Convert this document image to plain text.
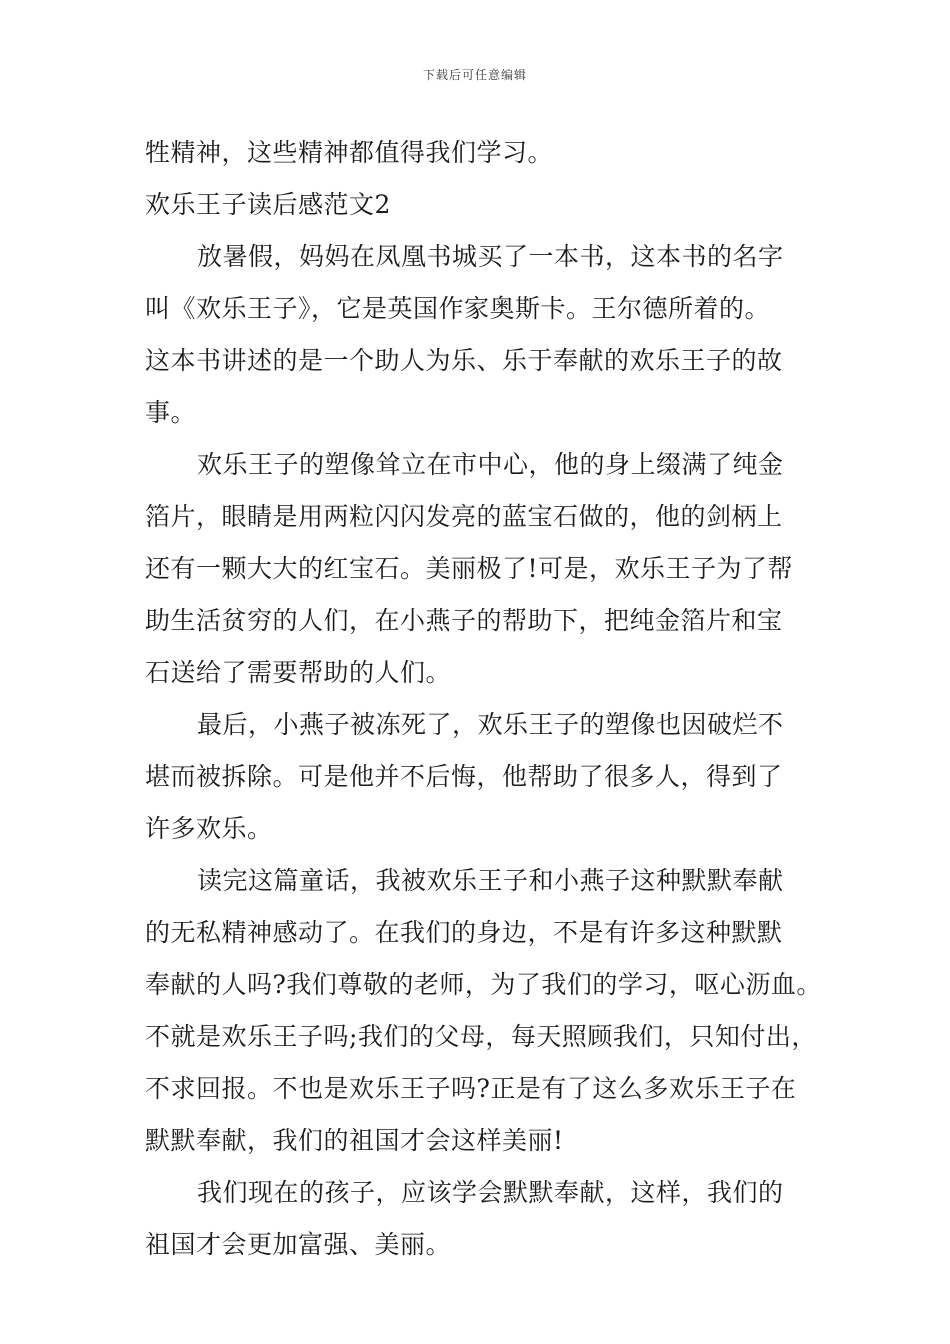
下载后可任意编辑
牲精神，这些精神都值得我们学习。
欢乐王子读后感范文2
放暑假，妈妈在凤凰书城买了一本书，这本书的名字
叫《欢乐王子》，它是英国作家奥斯卡。王尔德所着的。
这本书讲述的是一个助人为乐、乐于奉献的欢乐王子的故
事。
欢乐王子的塑像耸立在市中心，他的身上缀满了纯金
箔片，眼睛是用两粒闪闪发亮的蓝宝石做的，他的剑柄上
还有一颗大大的红宝石。美丽极了!可是，欢乐王子为了帮
助生活贫穷的人们，在小燕子的帮助下，把纯金箔片和宝
石送给了需要帮助的人们。
最后，小燕子被冻死了，欢乐王子的塑像也因破烂不
堪而被拆除。可是他并不后悔，他帮助了很多人，得到了
许多欢乐。
读完这篇童话，我被欢乐王子和小燕子这种默默奉献
的无私精神感动了。在我们的身边，不是有许多这种默默
奉献的人吗?我们尊敬的老师，为了我们的学习，呕心沥血。
不就是欢乐王子吗;我们的父母，每天照顾我们，只知付出，
不求回报。不也是欢乐王子吗?正是有了这么多欢乐王子在
默默奉献，我们的祖国才会这样美丽!
我们现在的孩子，应该学会默默奉献，这样，我们的
祖国才会更加富强、美丽。
